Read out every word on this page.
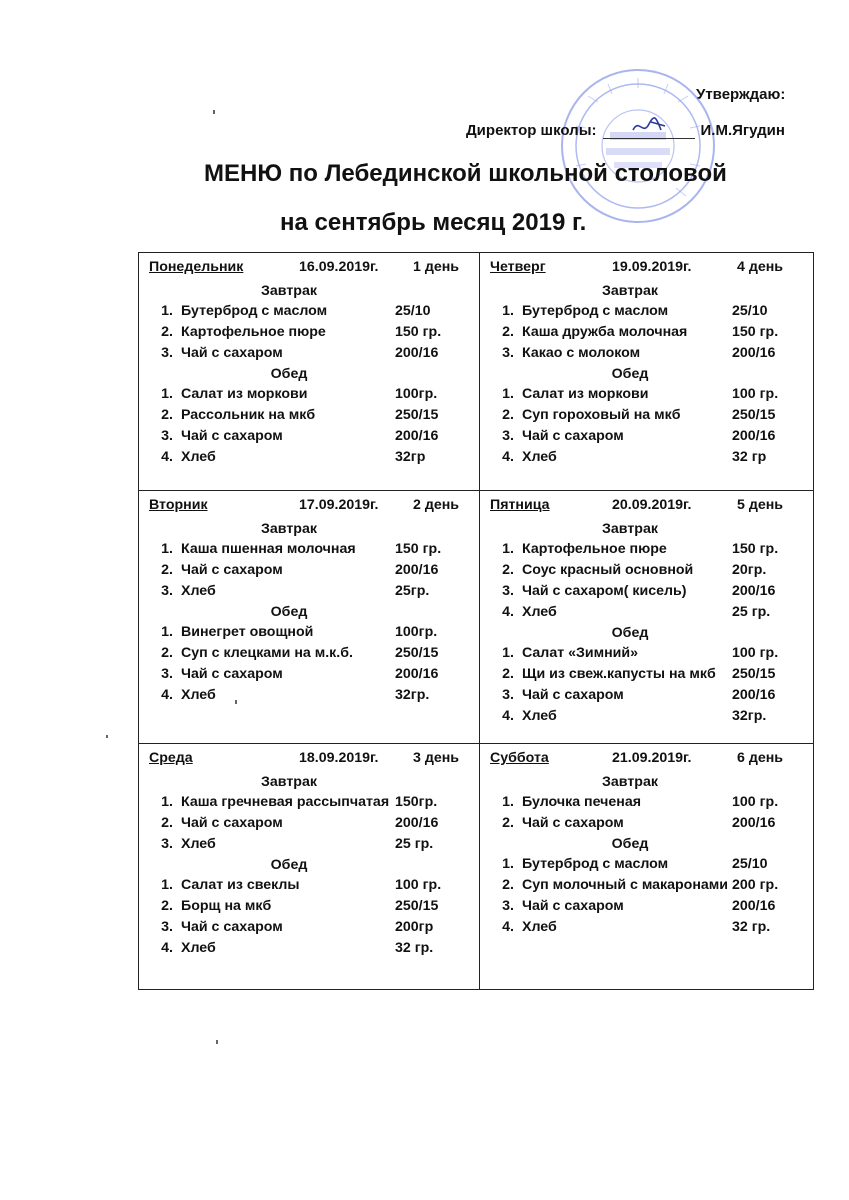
Утверждаю:
Директор школы:	И.М.Ягудин
МЕНЮ по Лебединской школьной столовой
на сентябрь месяц 2019 г.
Понедельник	16.09.2019г.	1 день
Завтрак
1. Бутерброд с маслом	25/10
2. Картофельное пюре	150 гр.
3. Чай с сахаром	200/16
Обед
1. Салат из моркови	100гр.
2. Рассольник на мкб	250/15
3. Чай с сахаром	200/16
4. Хлеб	32гр
Четверг	19.09.2019г.	4 день
Завтрак
1. Бутерброд с маслом	25/10
2. Каша дружба молочная	150 гр.
3. Какао с молоком	200/16
Обед
1. Салат из моркови	100 гр.
2. Суп гороховый на мкб	250/15
3. Чай с сахаром	200/16
4. Хлеб	32 гр
Вторник	17.09.2019г.	2 день
Завтрак
1. Каша пшенная молочная	150 гр.
2. Чай с сахаром	200/16
3. Хлеб	25гр.
Обед
1. Винегрет овощной	100гр.
2. Суп с клецками на м.к.б.	250/15
3. Чай с сахаром	200/16
4. Хлеб	32гр.
Пятница	20.09.2019г.	5 день
Завтрак
1. Картофельное пюре	150 гр.
2. Соус красный основной	20гр.
3. Чай с сахаром( кисель)	200/16
4. Хлеб	25 гр.
Обед
1. Салат «Зимний»	100 гр.
2. Щи из свеж.капусты на мкб	250/15
3. Чай с сахаром	200/16
4. Хлеб	32гр.
Среда	18.09.2019г.	3 день
Завтрак
1. Каша гречневая рассыпчатая 150гр.
2. Чай с сахаром	200/16
3. Хлеб	25 гр.
Обед
1. Салат из свеклы	100 гр.
2. Борщ на мкб	250/15
3. Чай с сахаром	200гр
4. Хлеб	32 гр.
Суббота	21.09.2019г.	6 день
Завтрак
1. Булочка печеная	100 гр.
2. Чай с сахаром	200/16
Обед
1. Бутерброд с маслом	25/10
2. Суп молочный с макаронами 200 гр.
3. Чай с сахаром	200/16
4. Хлеб	32 гр.
